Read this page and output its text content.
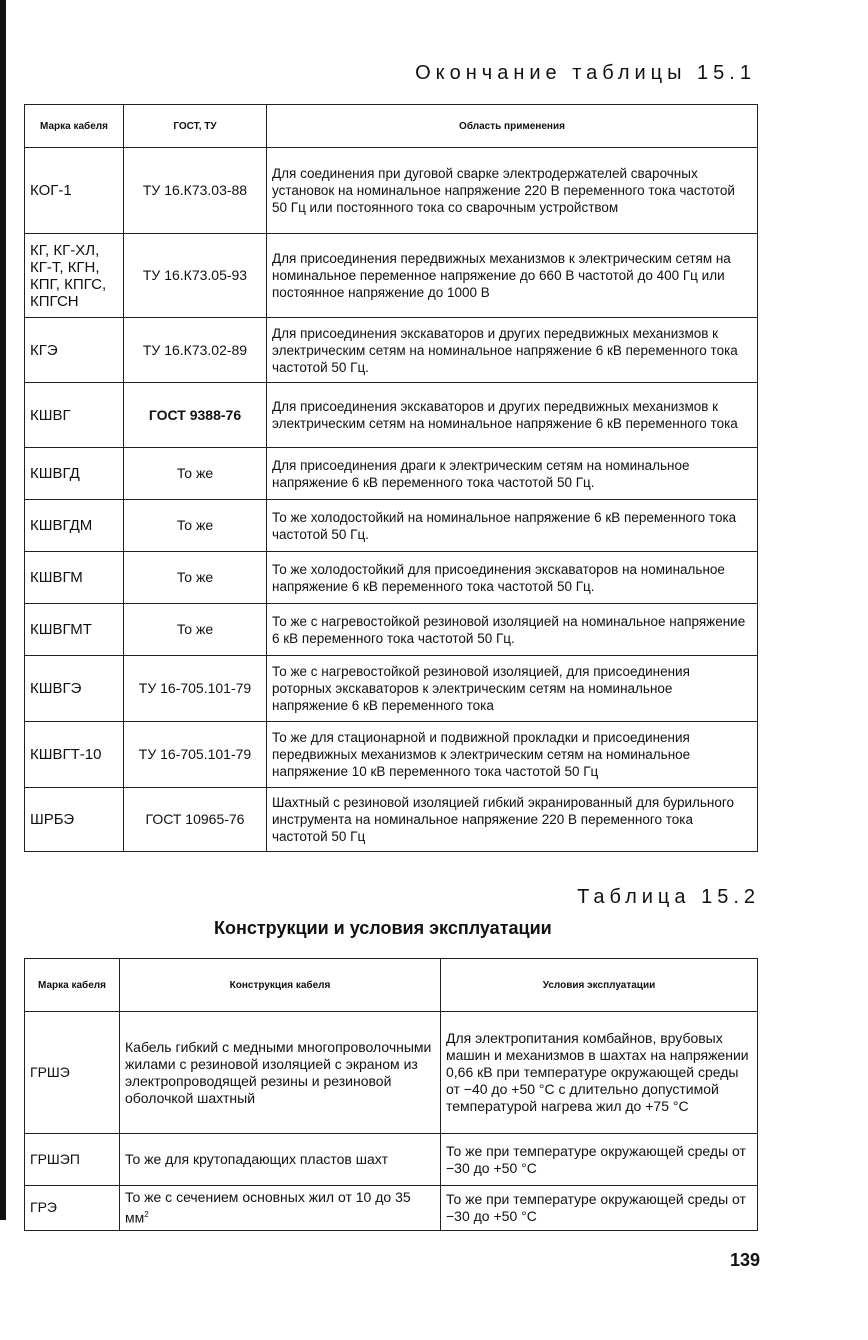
Окончание таблицы 15.1
Марка кабеля	ГОСТ, ТУ	Область применения
КОГ-1	ТУ 16.К73.03-88	Для соединения при дуговой сварке электродержателей сварочных установок на номинальное напряжение 220 В переменного тока частотой 50 Гц или постоянного тока со сварочным устройством
КГ, КГ-ХЛ, КГ-Т, КГН, КПГ, КПГС, КПГСН	ТУ 16.К73.05-93	Для присоединения передвижных механизмов к электрическим сетям на номинальное переменное напряжение до 660 В частотой до 400 Гц или постоянное напряжение до 1000 В
КГЭ	ТУ 16.К73.02-89	Для присоединения экскаваторов и других передвижных механизмов к электрическим сетям на номинальное напряжение 6 кВ переменного тока частотой 50 Гц.
КШВГ	ГОСТ 9388-76	Для присоединения экскаваторов и других передвижных механизмов к электрическим сетям на номинальное напряжение 6 кВ переменного тока
КШВГД	То же	Для присоединения драги к электрическим сетям на номинальное напряжение 6 кВ переменного тока частотой 50 Гц.
КШВГДМ	То же	То же холодостойкий на номинальное напряжение 6 кВ переменного тока частотой 50 Гц.
КШВГМ	То же	То же холодостойкий для присоединения экскаваторов на номинальное напряжение 6 кВ переменного тока частотой 50 Гц.
КШВГМТ	То же	То же с нагревостойкой резиновой изоляцией на номинальное напряжение 6 кВ переменного тока частотой 50 Гц.
КШВГЭ	ТУ 16-705.101-79	То же с нагревостойкой резиновой изоляцией, для присоединения роторных экскаваторов к электрическим сетям на номинальное напряжение 6 кВ переменного тока
КШВГТ-10	ТУ 16-705.101-79	То же для стационарной и подвижной прокладки и присоединения передвижных механизмов к электрическим сетям на номинальное напряжение 10 кВ переменного тока частотой 50 Гц
ШРБЭ	ГОСТ 10965-76	Шахтный с резиновой изоляцией гибкий экранированный для бурильного инструмента на номинальное напряжение 220 В переменного тока частотой 50 Гц
Таблица 15.2
Конструкции и условия эксплуатации
Марка кабеля	Конструкция кабеля	Условия эксплуатации
ГРШЭ	Кабель гибкий с медными многопроволочными жилами с резиновой изоляцией с экраном из электропроводящей резины и резиновой оболочкой шахтный	Для электропитания комбайнов, врубовых машин и механизмов в шахтах на напряжении 0,66 кВ при температуре окружающей среды от −40 до +50 °С с длительно допустимой температурой нагрева жил до +75 °С
ГРШЭП	То же для крутопадающих пластов шахт	То же при температуре окружающей среды от −30 до +50 °С
ГРЭ	То же с сечением основных жил от 10 до 35 $мм^2$	То же при температуре окружающей среды от −30 до +50 °С
139
